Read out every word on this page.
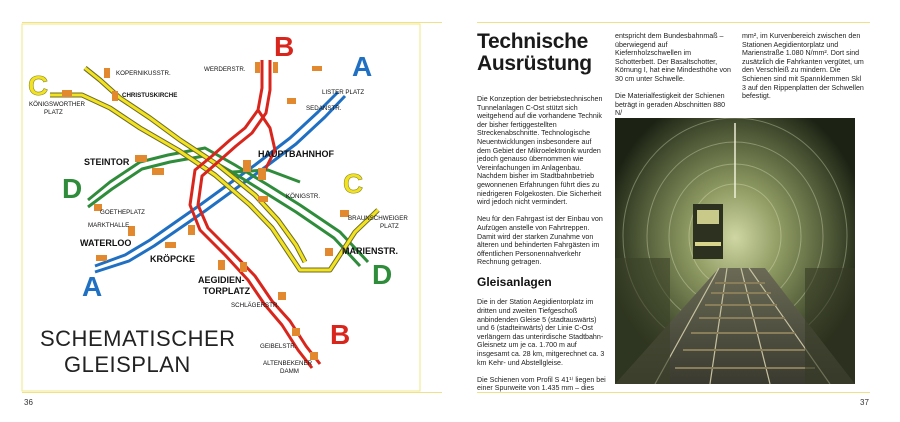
B
A
C
C
D
D
A
B
KOPERNIKUSSTR.
CHRISTUSKIRCHE
KÖNIGSWORTHER
PLATZ
WERDERSTR.
LISTER PLATZ
SEDANSTR.
STEINTOR
HAUPTBAHNHOF
KÖNIGSTR.
GOETHEPLATZ
BRAUNSCHWEIGER
PLATZ
MARKTHALLE
WATERLOO
KRÖPCKE
MARIENSTR.
AEGIDIEN-
TORPLATZ
SCHLÄGERSTR.
GEIBELSTR.
ALTENBEKENER
DAMM
SCHEMATISCHER
GLEISPLAN
36
Technische
Ausrüstung

Die Konzeption der betriebstechnischen Tunnelanlagen C-Ost stützt sich weitgehend auf die vorhandene Technik der bisher fertiggestellten Streckenabschnitte. Technologische Neuentwicklungen insbesondere auf dem Gebiet der Mikroelektronik wurden jedoch genauso übernommen wie Vereinfachungen im Anlagenbau. Nachdem bisher im Stadtbahnbetrieb gewonnenen Erfahrungen führt dies zu niedrigeren Folgekosten. Die Sicherheit wird jedoch nicht vermindert.

Neu für den Fahrgast ist der Einbau von Aufzügen anstelle von Fahrtreppen. Damit wird der starken Zunahme von älteren und behinderten Fahrgästen im öffentlichen Personennahverkehr Rechnung getragen.

Gleisanlagen

Die in der Station Aegidientorplatz im dritten und zweiten Tiefgeschoß anbindenden Gleise 5 (stadtauswärts) und 6 (stadteinwärts) der Linie C-Ost verlängern das unterirdische Stadtbahn-Gleisnetz um je ca. 1.700 m auf insgesamt ca. 28 km, mitgerechnet ca. 3 km Kehr- und Abstellgleise.

Die Schienen vom Profil S 41¹⁾ liegen bei einer Spurweite von 1.435 mm – dies

entspricht dem Bundesbahnmaß – überwiegend auf Kiefernholzschwellen im Schotterbett. Der Basaltschotter, Körnung I, hat eine Mindesthöhe von 30 cm unter Schwelle.

Die Materialfestigkeit der Schienen beträgt in geraden Abschnitten 880 N/

mm², im Kurvenbereich zwischen den Stationen Aegidientorplatz und Marienstraße 1.080 N/mm². Dort sind zusätzlich die Fahrkanten vergütet, um den Verschleiß zu mindern. Die Schienen sind mit Spannklemmen Skl 3 auf den Rippenplatten der Schwellen befestigt.

37
